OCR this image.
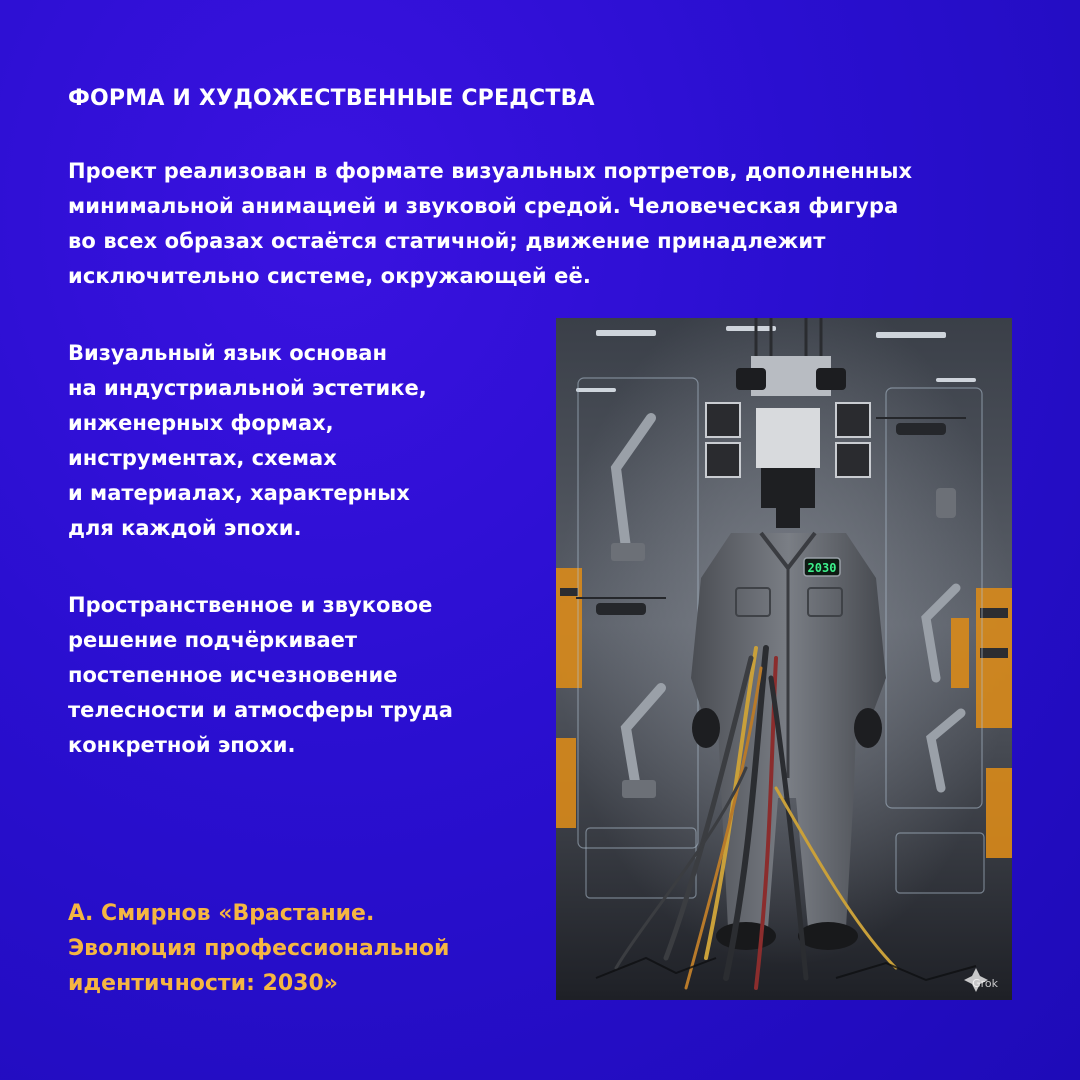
ФОРМА И ХУДОЖЕСТВЕННЫЕ СРЕДСТВА
Проект реализован в формате визуальных портретов, дополненных
минимальной анимацией и звуковой средой. Человеческая фигура
во всех образах остаётся статичной; движение принадлежит
исключительно системе, окружающей её.
Визуальный язык основан
на индустриальной эстетике,
инженерных формах,
инструментах, схемах
и материалах, характерных
для каждой эпохи.
Пространственное и звуковое
решение подчёркивает
постепенное исчезновение
телесности и атмосферы труда
конкретной эпохи.
А. Смирнов «Врастание.
Эволюция профессиональной
идентичности: 2030»
2030
Grok
